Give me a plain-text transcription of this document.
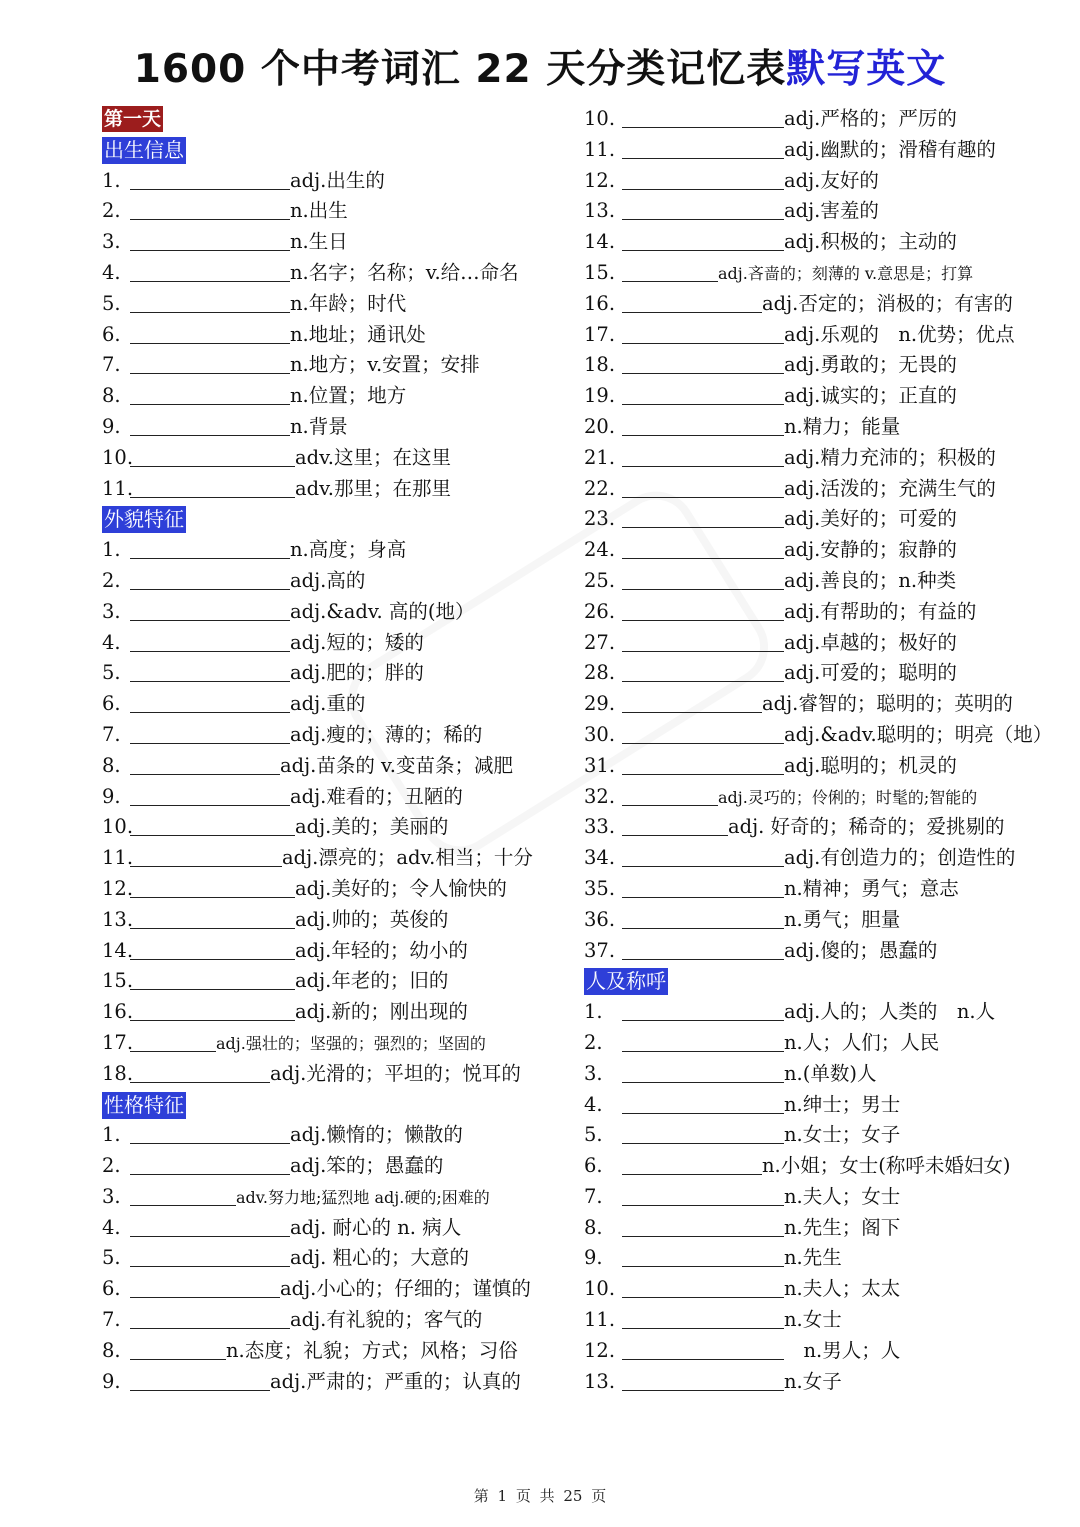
1600 个中考词汇 22 天分类记忆表默写英文
第一天
出生信息
1.	adj.出生的
2.	n.出生
3.	n.生日
4.	n.名字；名称；v.给…命名
5.	n.年龄；时代
6.	n.地址；通讯处
7.	n.地方；v.安置；安排
8.	n.位置；地方
9.	n.背景
10.	adv.这里；在这里
11.	adv.那里；在那里
外貌特征
1.	n.高度；身高
2.	adj.高的
3.	adj.&adv. 高的(地）
4.	adj.短的；矮的
5.	adj.肥的；胖的
6.	adj.重的
7.	adj.瘦的；薄的；稀的
8.	adj.苗条的 v.变苗条；减肥
9.	adj.难看的；丑陋的
10.	adj.美的；美丽的
11.	adj.漂亮的；adv.相当；十分
12.	adj.美好的；令人愉快的
13.	adj.帅的；英俊的
14.	adj.年轻的；幼小的
15.	adj.年老的；旧的
16.	adj.新的；刚出现的
17.	adj.强壮的；坚强的；强烈的；坚固的
18.	adj.光滑的；平坦的；悦耳的
性格特征
1.	adj.懒惰的；懒散的
2.	adj.笨的；愚蠢的
3.	adv.努力地;猛烈地 adj.硬的;困难的
4.	adj. 耐心的 n. 病人
5.	adj. 粗心的；大意的
6.	adj.小心的；仔细的；谨慎的
7.	adj.有礼貌的；客气的
8.	n.态度；礼貌；方式；风格；习俗
9.	adj.严肃的；严重的；认真的
10.	adj.严格的；严厉的
11.	adj.幽默的；滑稽有趣的
12.	adj.友好的
13.	adj.害羞的
14.	adj.积极的；主动的
15.	adj.吝啬的；刻薄的 v.意思是；打算
16.	adj.否定的；消极的；有害的
17.	adj.乐观的　n.优势；优点
18.	adj.勇敢的；无畏的
19.	adj.诚实的；正直的
20.	n.精力；能量
21.	adj.精力充沛的；积极的
22.	adj.活泼的；充满生气的
23.	adj.美好的；可爱的
24.	adj.安静的；寂静的
25.	adj.善良的；n.种类
26.	adj.有帮助的；有益的
27.	adj.卓越的；极好的
28.	adj.可爱的；聪明的
29.	adj.睿智的；聪明的；英明的
30.	adj.&adv.聪明的；明亮（地）
31.	adj.聪明的；机灵的
32.	adj.灵巧的；伶俐的；时髦的;智能的
33.	adj. 好奇的；稀奇的；爱挑剔的
34.	adj.有创造力的；创造性的
35.	n.精神；勇气；意志
36.	n.勇气；胆量
37.	adj.傻的；愚蠢的
人及称呼
1.	adj.人的；人类的　n.人
2.	n.人；人们；人民
3.	n.(单数)人
4.	n.绅士；男士
5.	n.女士；女子
6.	n.小姐；女士(称呼未婚妇女)
7.	n.夫人；女士
8.	n.先生；阁下
9.	n.先生
10.	n.夫人；太太
11.	n.女士
12.	　n.男人；人
13.	n.女子
第 1 页 共 25 页
